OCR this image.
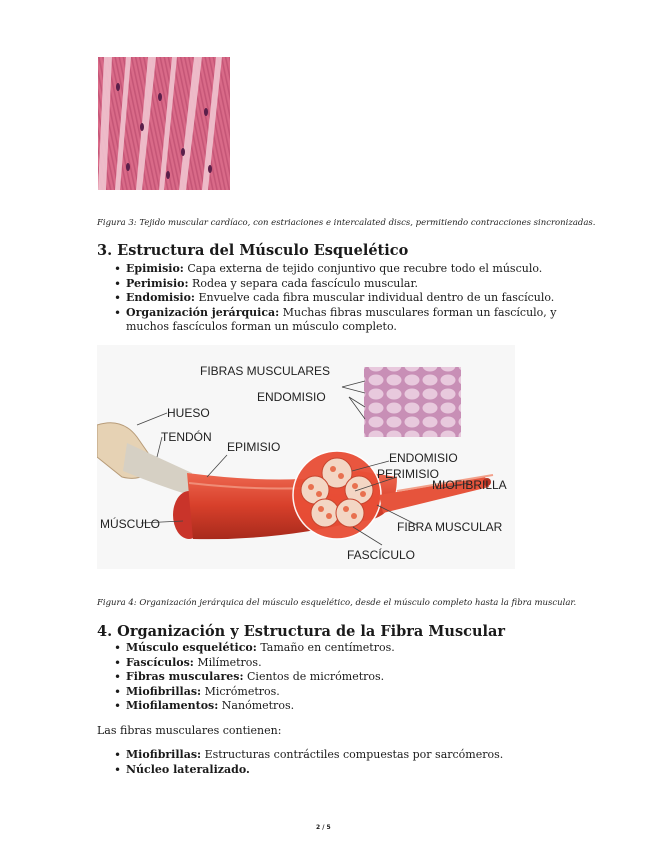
Figura 3: Tejido muscular cardíaco, con estriaciones e intercalated discs, permitiendo contracciones sincronizadas.
3. Estructura del Músculo Esquelético
• Epimisio: Capa externa de tejido conjuntivo que recubre todo el músculo.
• Perimisio: Rodea y separa cada fascículo muscular.
• Endomisio: Envuelve cada fibra muscular individual dentro de un fascículo.
• Organización jerárquica: Muchas fibras musculares forman un fascículo, y muchos fascículos forman un músculo completo.
FIBRAS MUSCULARES
ENDOMISIO
HUESO
TENDÓN
EPIMISIO
ENDOMISIO
PERIMISIO
MIOFIBRILLA
MÚSCULO	FIBRA MUSCULAR
FASCÍCULO
Figura 4: Organización jerárquica del músculo esquelético, desde el músculo completo hasta la fibra muscular.
4. Organización y Estructura de la Fibra Muscular
• Músculo esquelético: Tamaño en centímetros.
• Fascículos: Milímetros.
• Fibras musculares: Cientos de micrómetros.
• Miofibrillas: Micrómetros.
• Miofilamentos: Nanómetros.
Las fibras musculares contienen:
• Miofibrillas: Estructuras contráctiles compuestas por sarcómeros.
• Núcleo lateralizado.
2 / 5
